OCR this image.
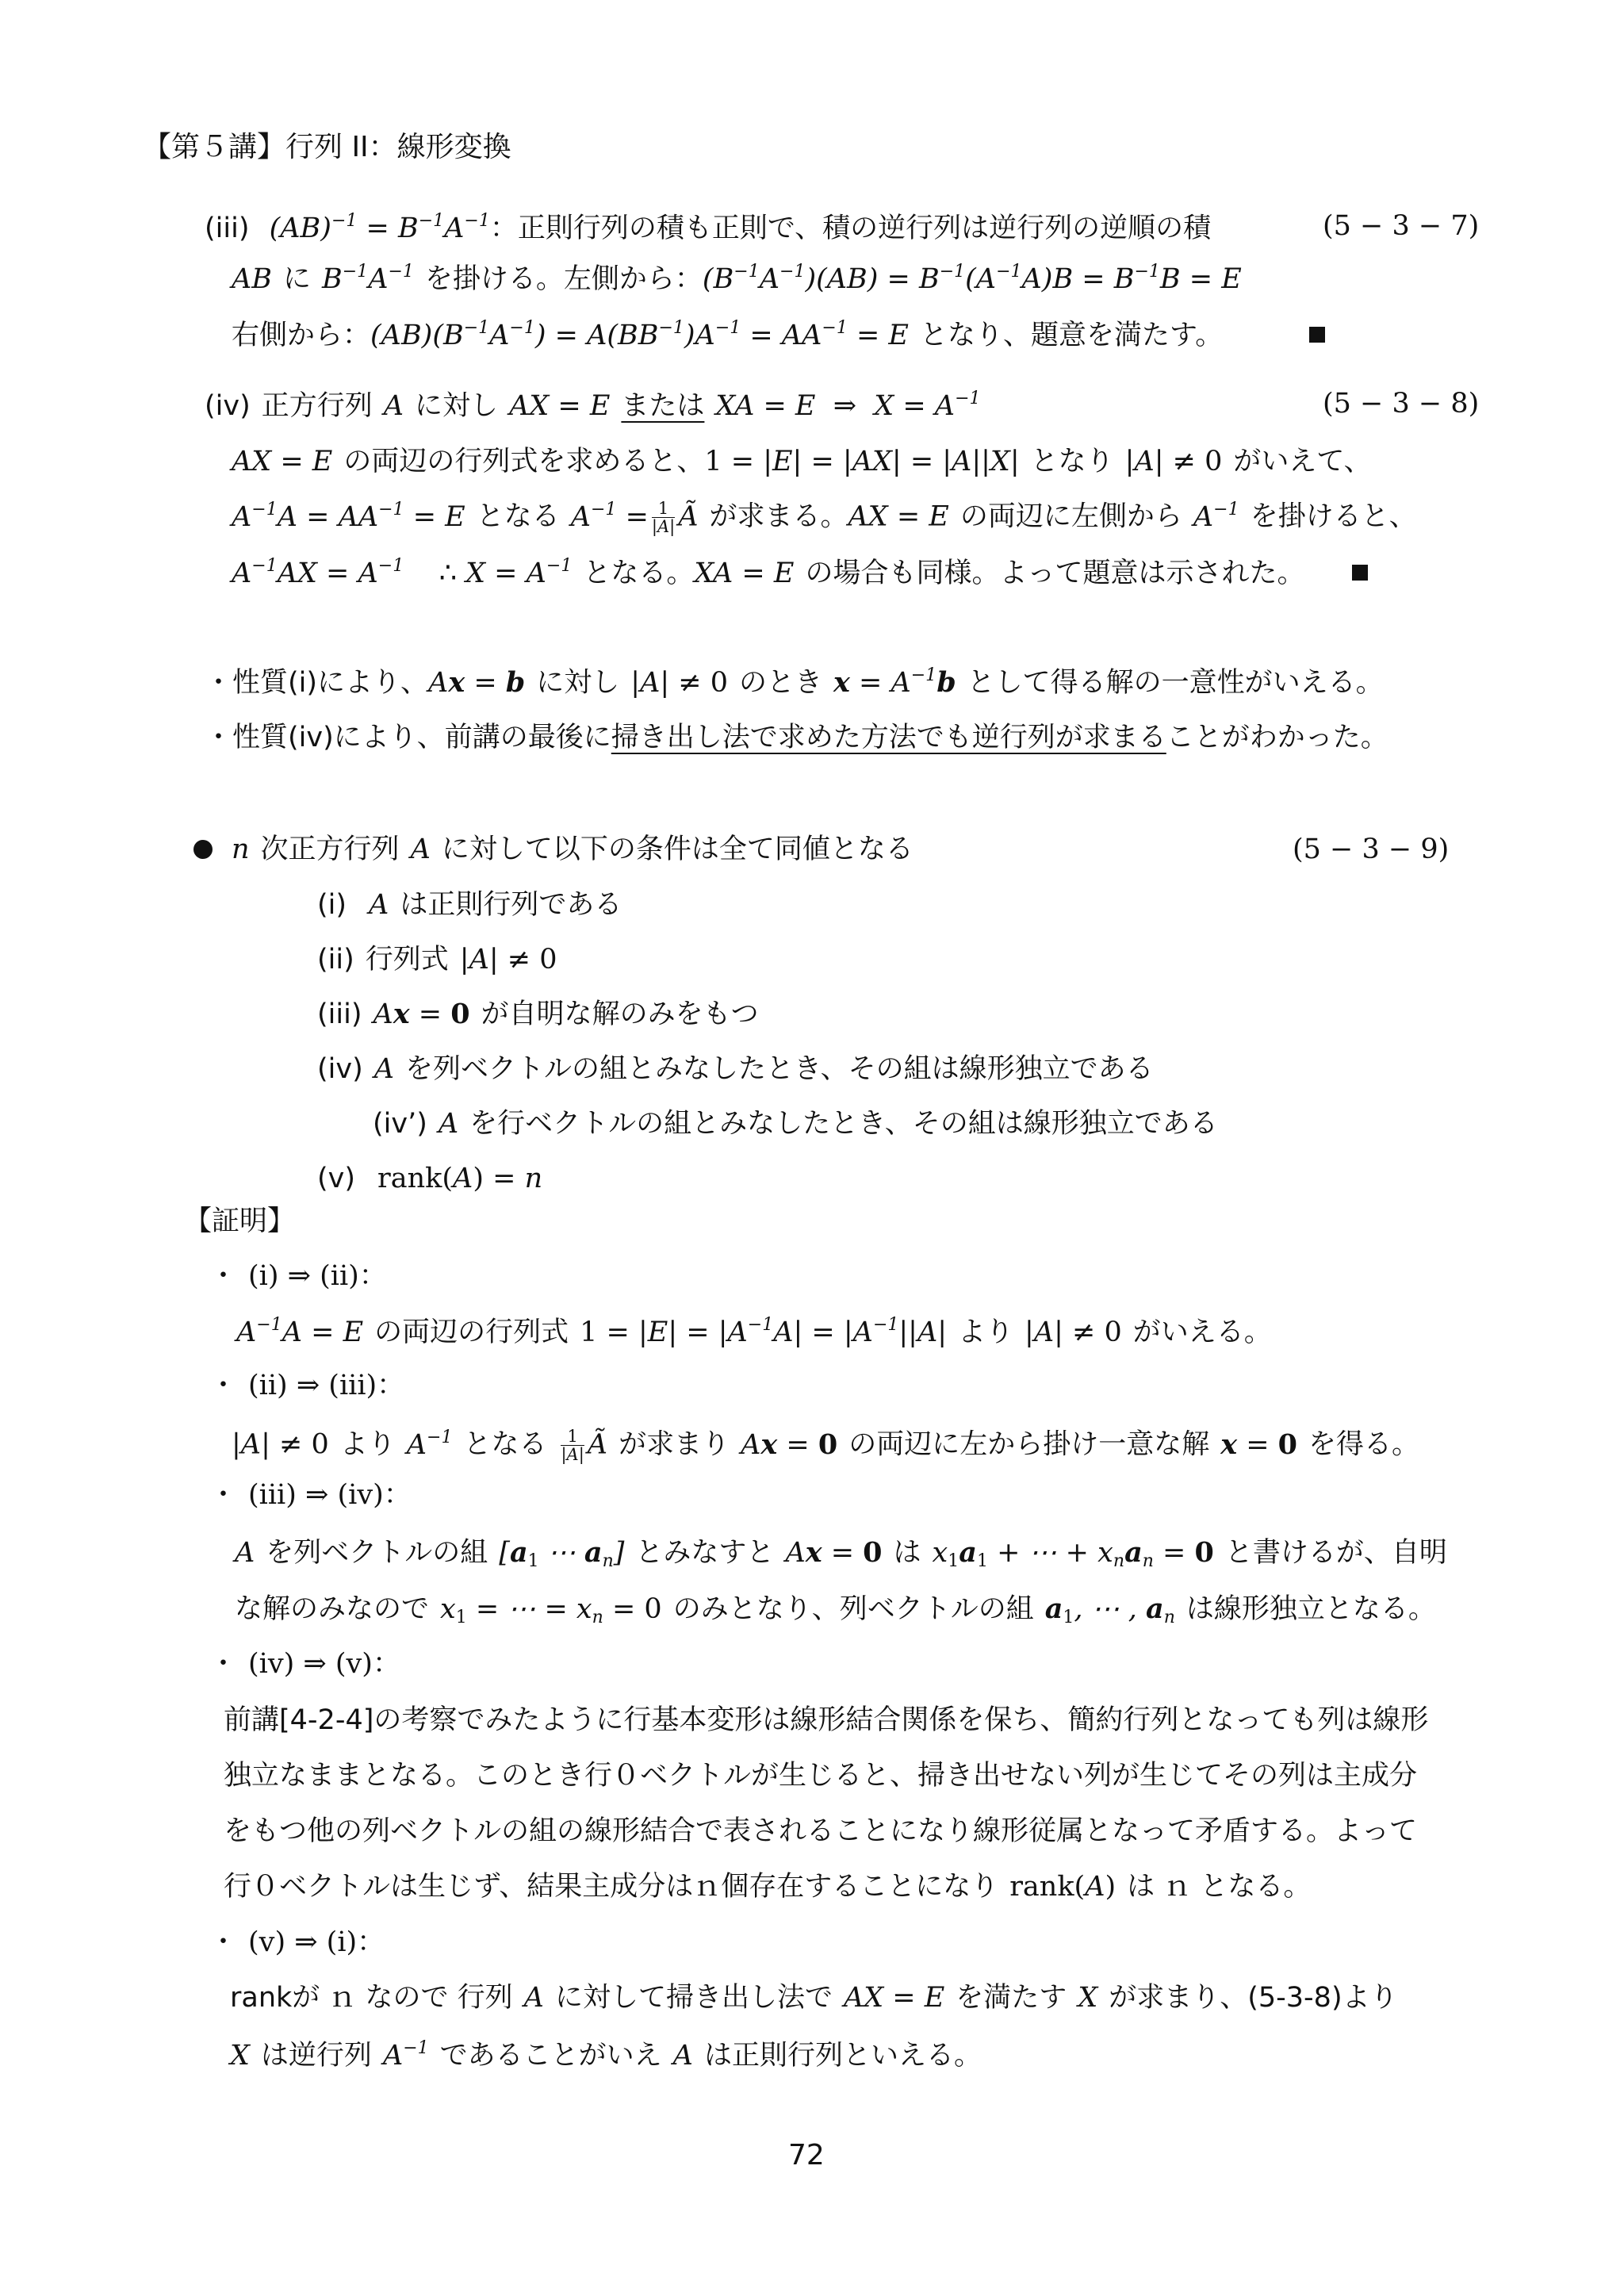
【第５講】行列 II：線形変換
(iii) $(AB)^{-1} = B^{-1}A^{-1}$：正則行列の積も正則で、積の逆行列は逆行列の逆順の積	(5 − 3 − 7)
AB に $B^{-1}A^{-1}$ を掛ける。左側から：$(B^{-1}A^{-1})(AB) = B^{-1}(A^{-1}A)B = B^{-1}B = E$
右側から：$(AB)(B^{-1}A^{-1}) = A(BB^{-1})A^{-1} = AA^{-1} = E$ となり、題意を満たす。
(iv) 正方行列 A に対し AX = E または XA = E  ⇒  $X = A^{-1}$	(5 − 3 − 8)
AX = E の両辺の行列式を求めると、1 = |E| = |AX| = |A||X| となり |A| ≠ 0 がいえて、
$A^{-1}A = AA^{-1} = E$ となる $A^{-1} = \frac{1}{|A|}$ Ã が求まる。AX = E の両辺に左側から $A^{-1}$ を掛けると、
$A^{-1}AX = A^{-1}$ ∴ $X = A^{-1}$ となる。XA = E の場合も同様。よって題意は示された。
・性質(i)により、Ax = b に対し |A| ≠ 0 のとき $x = A^{-1}b$ として得る解の一意性がいえる。
・性質(iv)により、前講の最後に掃き出し法で求めた方法でも逆行列が求まることがわかった。
n 次正方行列 A に対して以下の条件は全て同値となる	(5 − 3 − 9)
(i) A は正則行列である
(ii) 行列式 |A| ≠ 0
(iii) Ax = 0 が自明な解のみをもつ
(iv) A を列ベクトルの組とみなしたとき、その組は線形独立である
(iv’) A を行ベクトルの組とみなしたとき、その組は線形独立である
(v) rank(A) = n
【証明】
・ (i) ⇒ (ii)：
$A^{-1}A = E$ の両辺の行列式 $1 = |E| = |A^{-1}A| = |A^{-1}||A|$ より |A| ≠ 0 がいえる。
・ (ii) ⇒ (iii)：
|A| ≠ 0 より $A^{-1}$ となる $\frac{1}{|A|}$ Ã が求まり Ax = 0 の両辺に左から掛け一意な解 x = 0 を得る。
・ (iii) ⇒ (iv)：
A を列ベクトルの組 [$a_1$ ⋯ $a_n$] とみなすと Ax = 0 は $x_1a_1$ + ⋯ + $x_na_n = 0$ と書けるが、自明
な解のみなので $x_1$ = ⋯ = $x_n = 0$ のみとなり、列ベクトルの組 $a_1$, ⋯ , $a_n$ は線形独立となる。
・ (iv) ⇒ (v)：
前講[4-2-4]の考察でみたように行基本変形は線形結合関係を保ち、簡約行列となっても列は線形
独立なままとなる。このとき行０ベクトルが生じると、掃き出せない列が生じてその列は主成分
をもつ他の列ベクトルの組の線形結合で表されることになり線形従属となって矛盾する。よって
行０ベクトルは生じず、結果主成分はｎ個存在することになり rank(A) は ｎ となる。
・ (v) ⇒ (i)：
rankが ｎ なので 行列 A に対して掃き出し法で AX = E を満たす X が求まり、(5-3-8)より
X は逆行列 $A^{-1}$ であることがいえ A は正則行列といえる。
72
